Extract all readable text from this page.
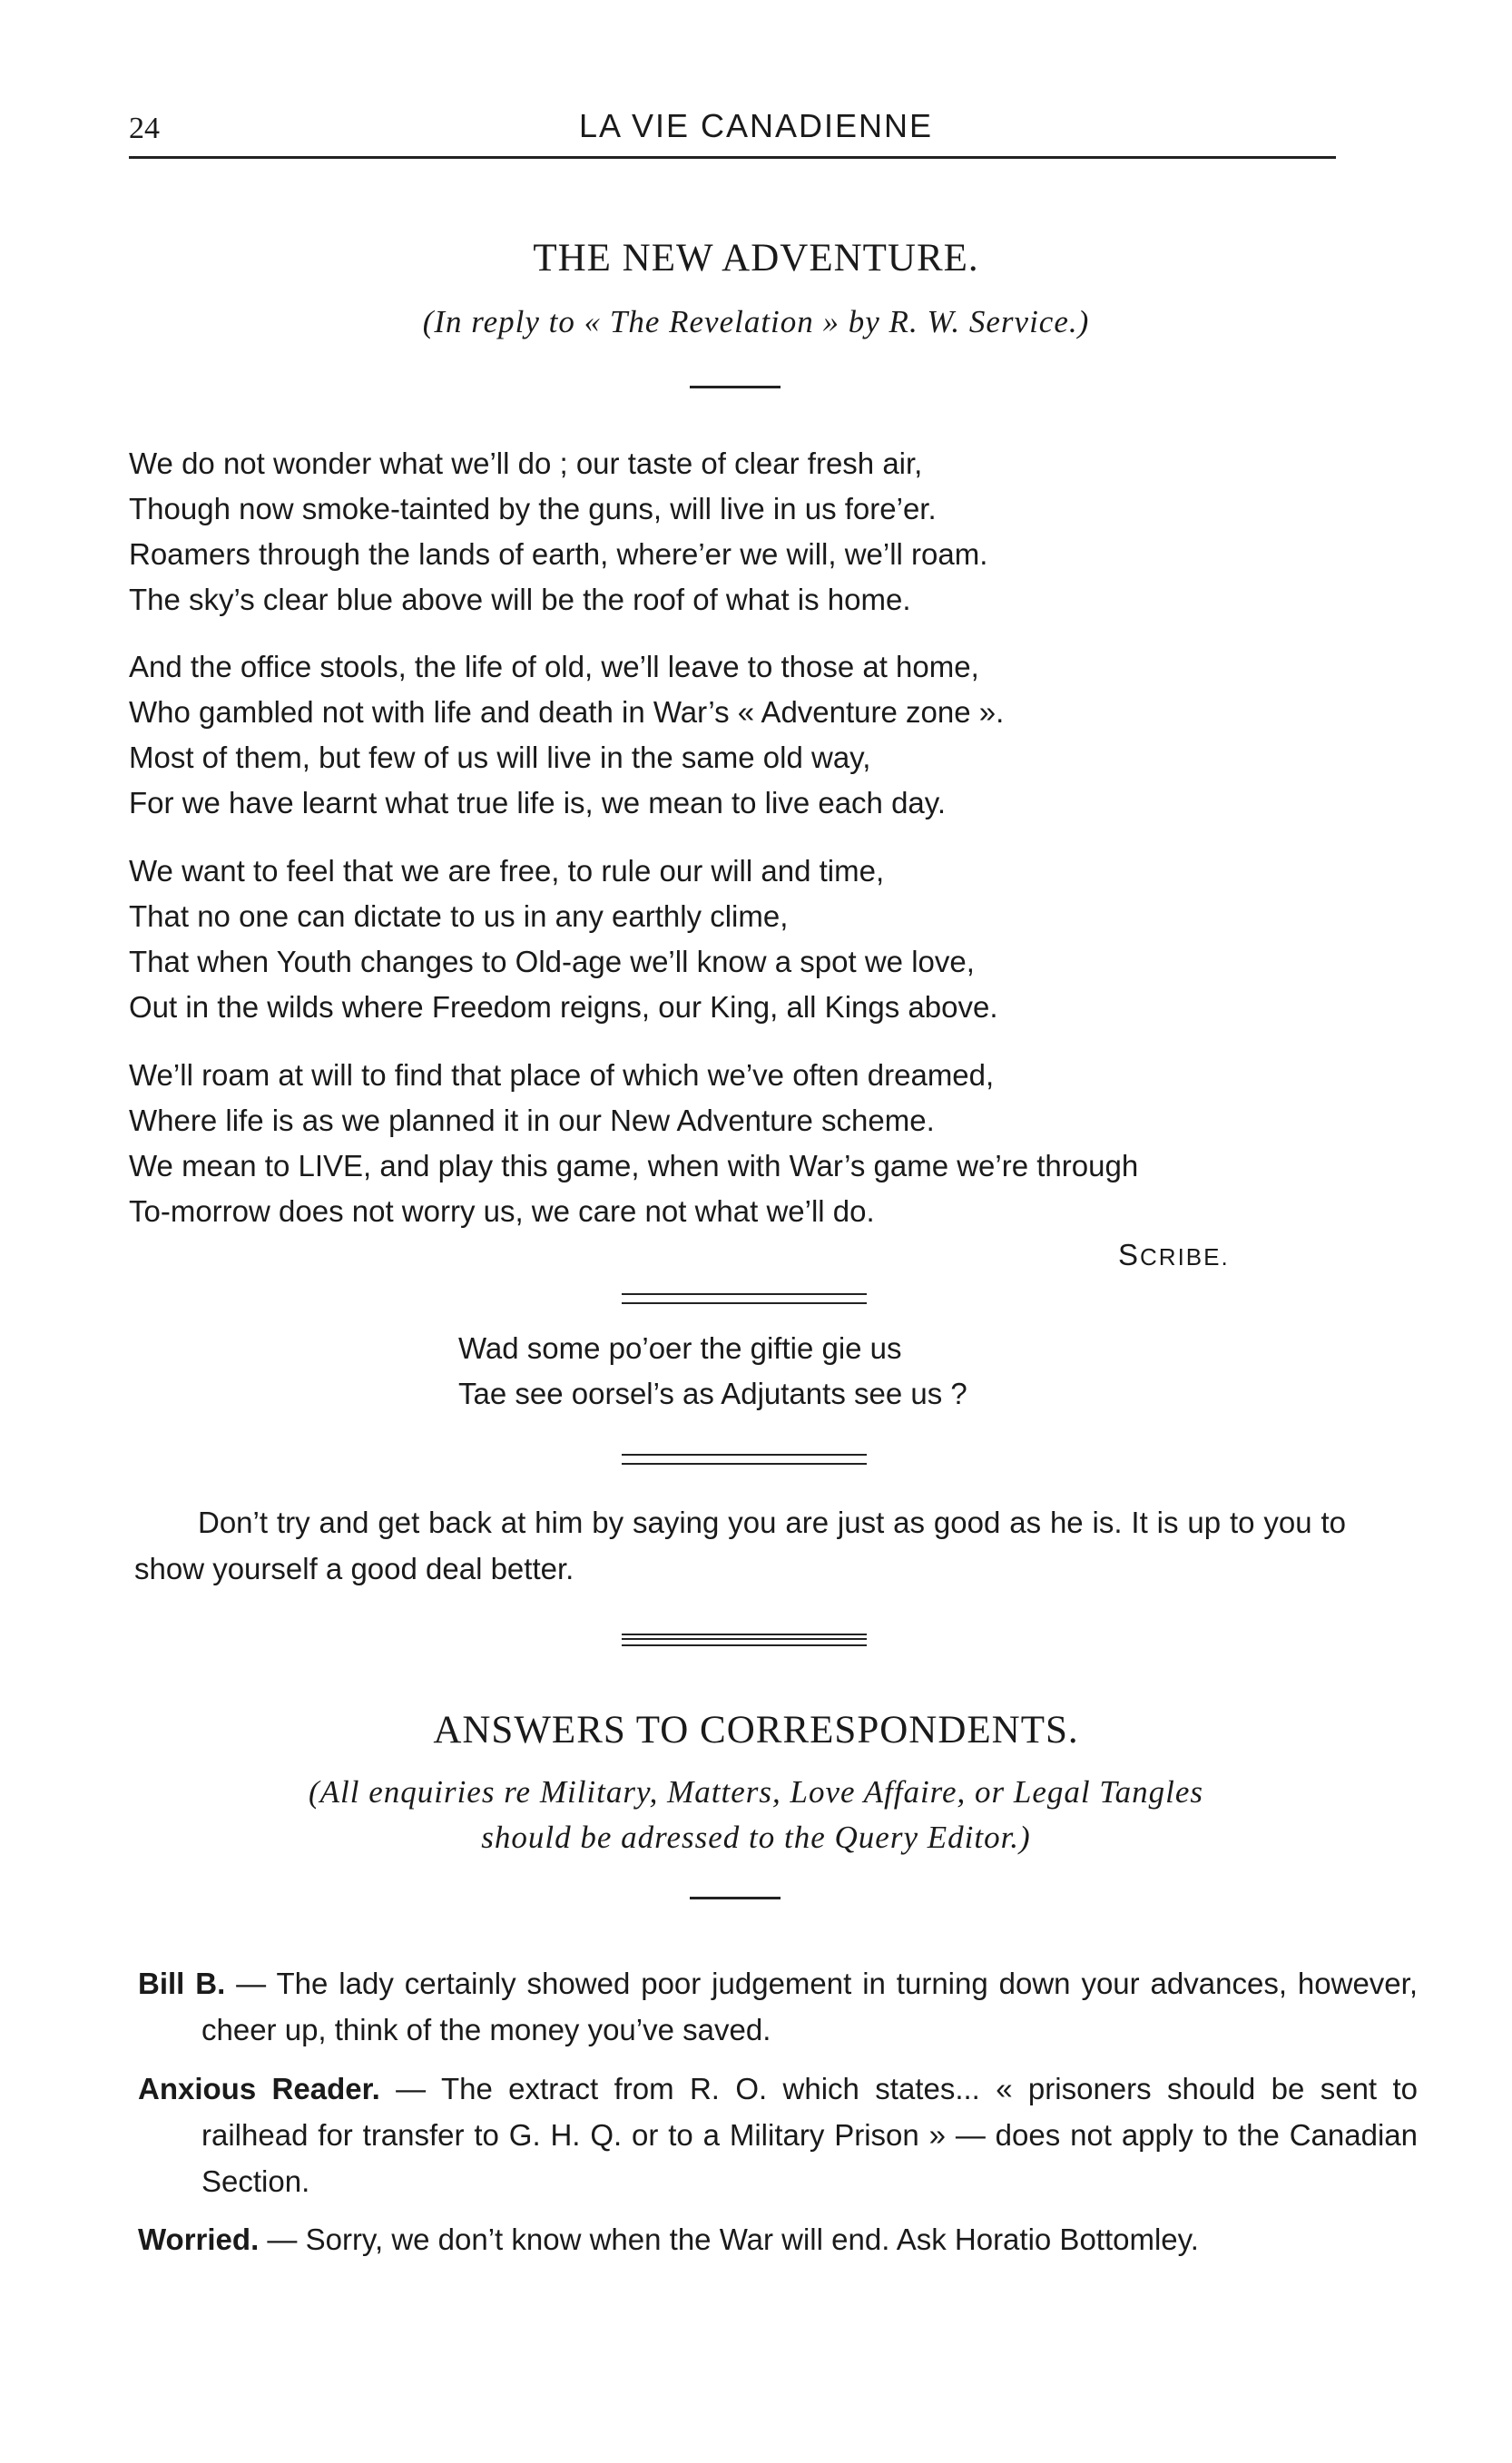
24	LA VIE CANADIENNE
THE NEW ADVENTURE.
(In reply to « The Revelation » by R. W. Service.)
We do not wonder what we’ll do ; our taste of clear fresh air,
Though now smoke-tainted by the guns, will live in us fore’er.
Roamers through the lands of earth, where’er we will, we’ll roam.
The sky’s clear blue above will be the roof of what is home.
And the office stools, the life of old, we’ll leave to those at home,
Who gambled not with life and death in War’s « Adventure zone ».
Most of them, but few of us will live in the same old way,
For we have learnt what true life is, we mean to live each day.
We want to feel that we are free, to rule our will and time,
That no one can dictate to us in any earthly clime,
That when Youth changes to Old-age we’ll know a spot we love,
Out in the wilds where Freedom reigns, our King, all Kings above.
We’ll roam at will to find that place of which we’ve often dreamed,
Where life is as we planned it in our New Adventure scheme.
We mean to LIVE, and play this game, when with War’s game we’re through
To-morrow does not worry us, we care not what we’ll do.
SCRIBE.
Wad some po’oer the giftie gie us
Tae see oorsel’s as Adjutants see us ?
Don’t try and get back at him by saying you are just as good as he is. It is up to you to show yourself a good deal better.
ANSWERS TO CORRESPONDENTS.
(All enquiries re Military, Matters, Love Affaire, or Legal Tangles
should be adressed to the Query Editor.)
Bill B. — The lady certainly showed poor judgement in turning down your advances, however, cheer up, think of the money you’ve saved.
Anxious Reader. — The extract from R. O. which states... « prisoners should be sent to railhead for transfer to G. H. Q. or to a Military Prison » — does not apply to the Canadian Section.
Worried. — Sorry, we don’t know when the War will end. Ask Horatio Bottomley.
